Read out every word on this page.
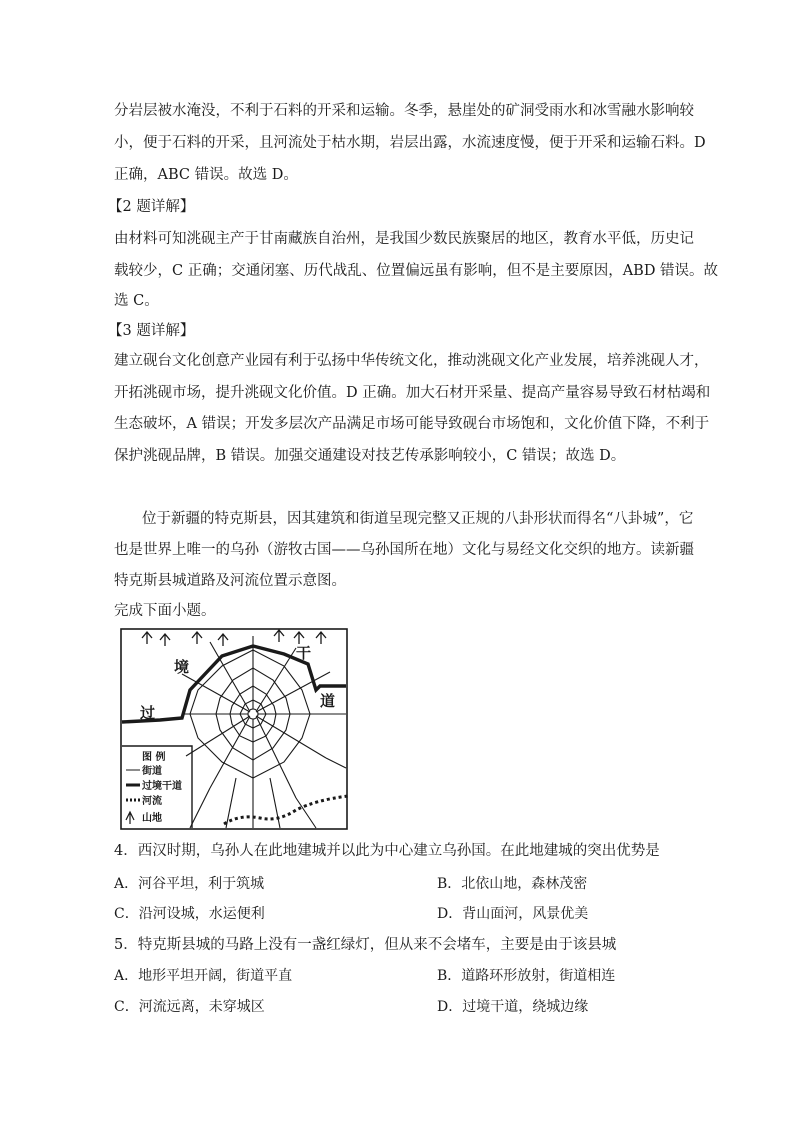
分岩层被水淹没，不利于石料的开采和运输。冬季，悬崖处的矿洞受雨水和冰雪融水影响较
小，便于石料的开采，且河流处于枯水期，岩层出露，水流速度慢，便于开采和运输石料。D
正确，ABC 错误。故选 D。
【2 题详解】
由材料可知洮砚主产于甘南藏族自治州，是我国少数民族聚居的地区，教育水平低，历史记
载较少，C 正确；交通闭塞、历代战乱、位置偏远虽有影响，但不是主要原因，ABD 错误。故
选 C。
【3 题详解】
建立砚台文化创意产业园有利于弘扬中华传统文化，推动洮砚文化产业发展，培养洮砚人才，
开拓洮砚市场，提升洮砚文化价值。D 正确。加大石材开采量、提高产量容易导致石材枯竭和
生态破坏，A 错误；开发多层次产品满足市场可能导致砚台市场饱和，文化价值下降，不利于
保护洮砚品牌，B 错误。加强交通建设对技艺传承影响较小，C 错误；故选 D。
位于新疆的特克斯县，因其建筑和街道呈现完整又正规的八卦形状而得名“八卦城”，它
也是世界上唯一的乌孙（游牧古国——乌孙国所在地）文化与易经文化交织的地方。读新疆
特克斯县城道路及河流位置示意图。
完成下面小题。
境
干
过
道
图 例
街道
过境干道
河流
山地
4．西汉时期，乌孙人在此地建城并以此为中心建立乌孙国。在此地建城的突出优势是
A．河谷平坦，利于筑城	B．北依山地，森林茂密
C．沿河设城，水运便利	D．背山面河，风景优美
5．特克斯县城的马路上没有一盏红绿灯，但从来不会堵车，主要是由于该县城
A．地形平坦开阔，街道平直	B．道路环形放射，街道相连
C．河流远离，未穿城区	D．过境干道，绕城边缘
